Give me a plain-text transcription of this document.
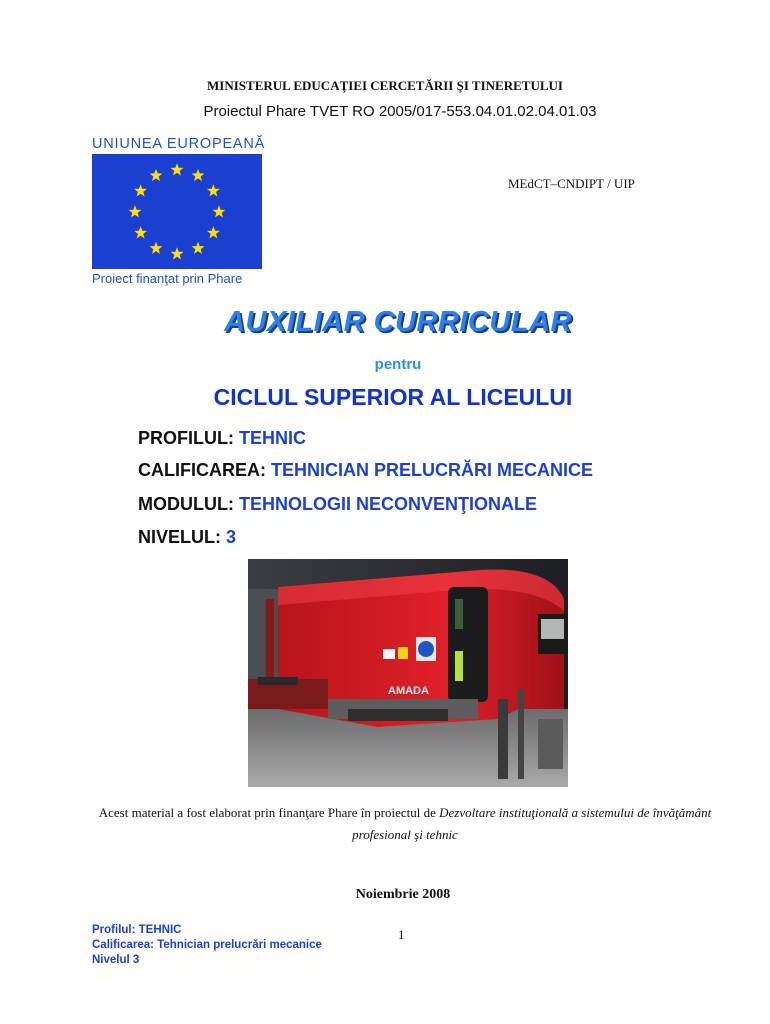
MINISTERUL EDUCAŢIEI CERCETĂRII ŞI TINERETULUI
Proiectul Phare TVET RO 2005/017-553.04.01.02.04.01.03
UNIUNEA EUROPEANĂ
Proiect finanţat prin Phare
MEdCT–CNDIPT / UIP
AUXILIAR CURRICULAR
pentru
CICLUL SUPERIOR AL LICEULUI
PROFILUL: TEHNIC
CALIFICAREA: TEHNICIAN PRELUCRĂRI MECANICE
MODULUL: TEHNOLOGII NECONVENŢIONALE
NIVELUL: 3
AMADA
Acest material a fost elaborat prin finanţare Phare în proiectul de Dezvoltare instituţională a sistemului de învăţământ profesional şi tehnic
Noiembrie 2008
Profilul: TEHNIC
Calificarea: Tehnician prelucrări mecanice
Nivelul 3
1
